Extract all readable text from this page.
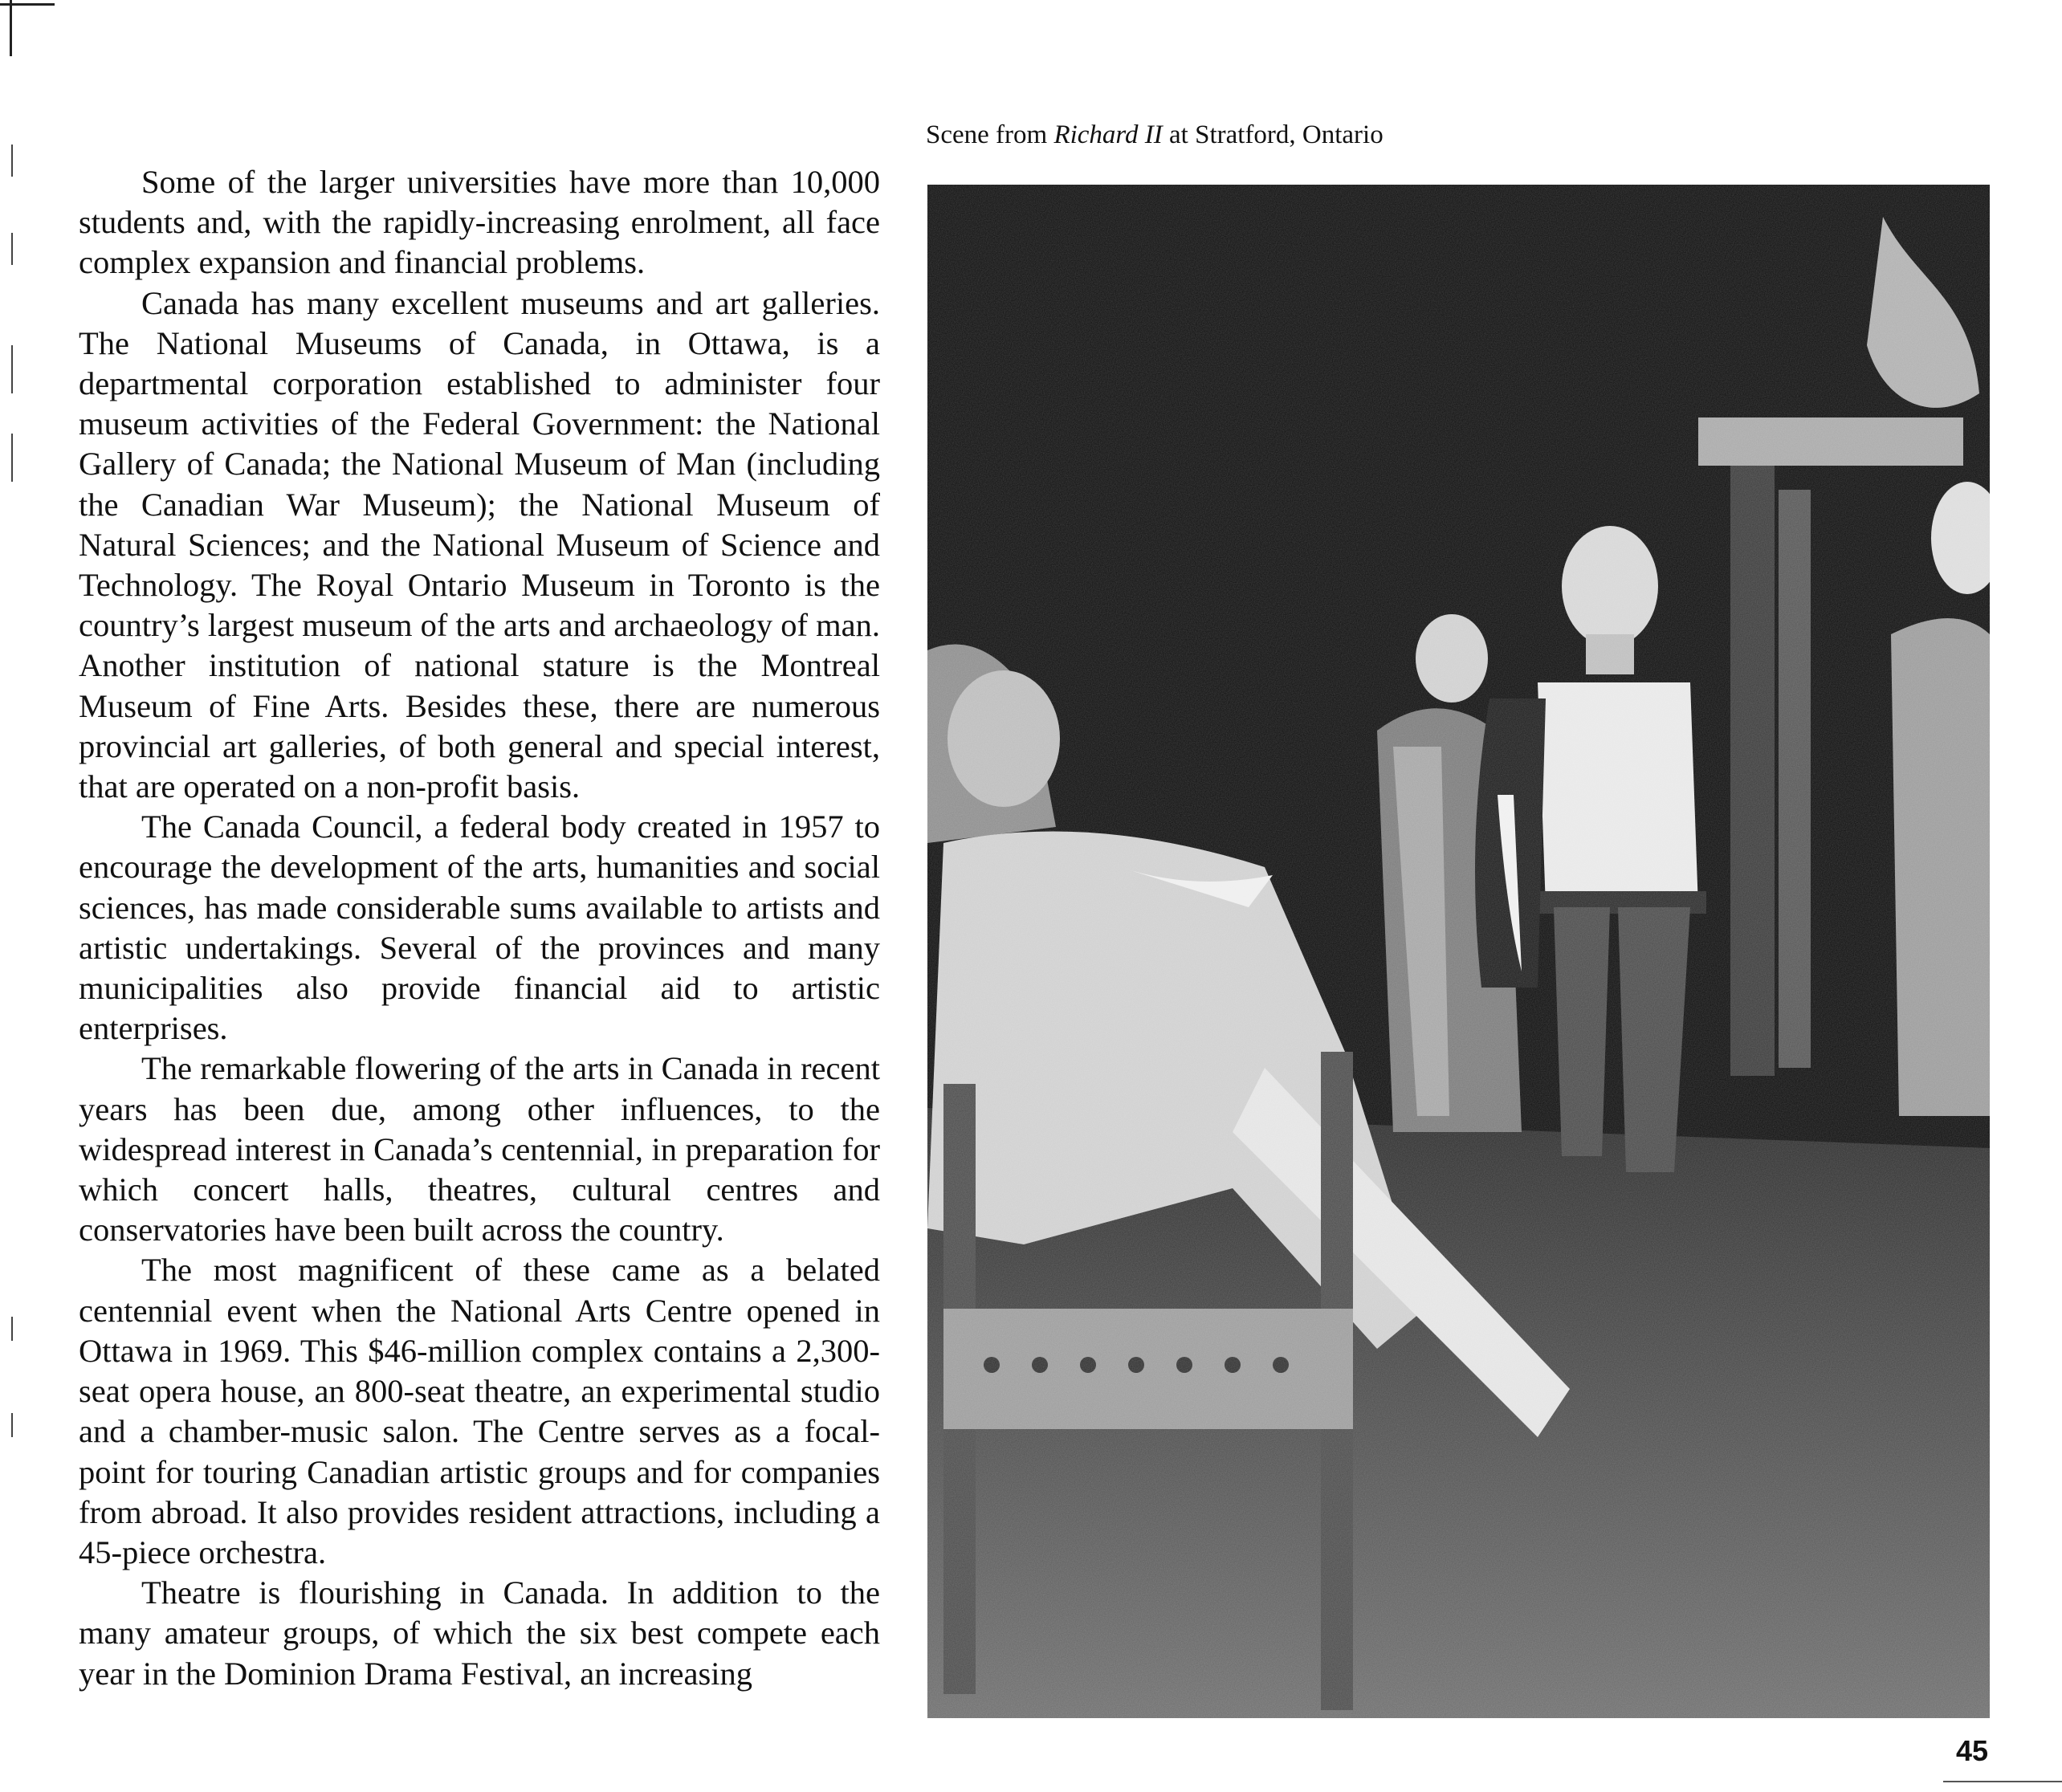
Some of the larger universities have more than 10,000 students and, with the rapidly-increasing enrolment, all face complex expansion and financial problems.

Canada has many excellent museums and art galleries. The National Museums of Canada, in Ottawa, is a departmental corporation established to administer four museum activities of the Federal Government: the National Gallery of Canada; the National Museum of Man (including the Canadian War Museum); the National Museum of Natural Sciences; and the National Museum of Science and Technology. The Royal Ontario Museum in Toronto is the country’s largest museum of the arts and archaeology of man. Another institution of national stature is the Montreal Museum of Fine Arts. Besides these, there are numerous provincial art galleries, of both general and special interest, that are operated on a non-profit basis.

The Canada Council, a federal body created in 1957 to encourage the development of the arts, humanities and social sciences, has made considerable sums available to artists and artistic undertakings. Several of the provinces and many municipalities also provide financial aid to artistic enterprises.

The remarkable flowering of the arts in Canada in recent years has been due, among other influences, to the widespread interest in Canada’s centennial, in preparation for which concert halls, theatres, cultural centres and conservatories have been built across the country.

The most magnificent of these came as a belated centennial event when the National Arts Centre opened in Ottawa in 1969. This $46-million complex contains a 2,300-seat opera house, an 800-seat theatre, an experimental studio and a chamber-music salon. The Centre serves as a focal-point for touring Canadian artistic groups and for companies from abroad. It also provides resident attractions, including a 45-piece orchestra.

Theatre is flourishing in Canada. In addition to the many amateur groups, of which the six best compete each year in the Dominion Drama Festival, an increasing

Scene from Richard II at Stratford, Ontario
45
